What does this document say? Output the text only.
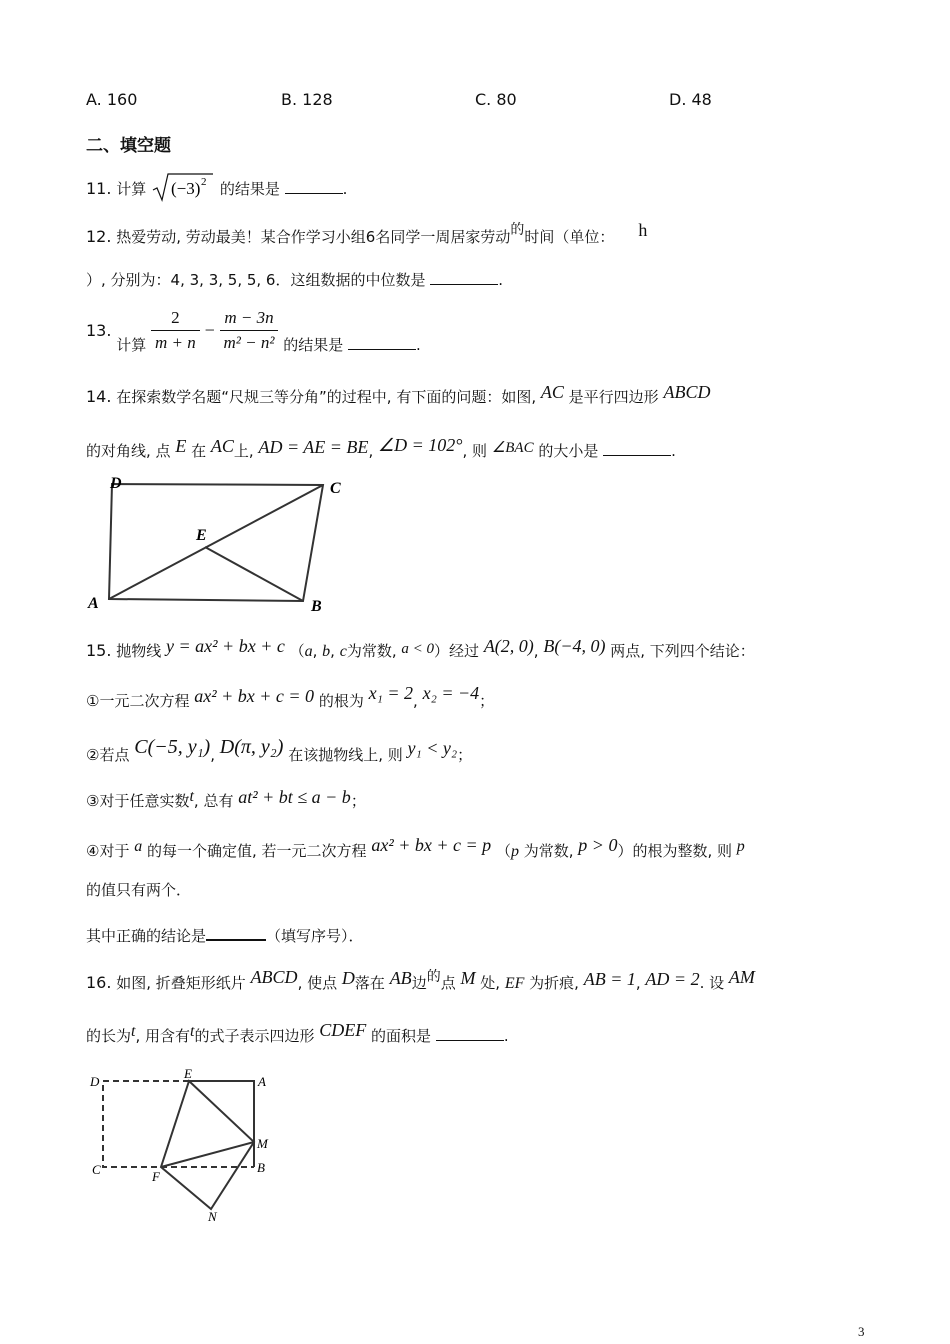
A. 160	B. 128	C. 80	D. 48
二、填空题
11. 计算 (−3) 2 的结果是	.
12. 热爱劳动, 劳动最美！某合作学习小组6名同学一周居家劳动的时间（单位： h
）, 分别为：4, 3, 3, 5, 5, 6．这组数据的中位数是	.
13. 计算 $\frac{2}{m + n} - \frac{m - 3n}{\text{m² − n²}}$ 的结果是	.
14. 在探索数学名题“尺规三等分角”的过程中, 有下面的问题：如图, AC 是平行四边形 ABCD
的对角线, 点 E 在 AC上, AD = AE = BE, ∠D = 102°, 则 ∠BAC 的大小是	.
D	C
E
A	B
15. 抛物线 y = ax² + bx + c （a, b, c为常数, a < 0）经过 A(2, 0), B(−4, 0) 两点, 下列四个结论：
①一元二次方程 ax² + bx + c = 0 的根为 x₁ = 2, x₂ = −4；
②若点 C(−5, y₁), D(π, y₂) 在该抛物线上, 则 y₁ < y₂；
③对于任意实数t, 总有 at² + bt ≤ a − b；
④对于 a 的每一个确定值, 若一元二次方程 ax² + bx + c = p （p 为常数, p > 0）的根为整数, 则 p
的值只有两个．
其中正确的结论是	（填写序号）．
16. 如图, 折叠矩形纸片 ABCD, 使点 D落在 AB边的点 M 处, EF 为折痕, AB = 1, AD = 2. 设 AM
的长为t, 用含有t的式子表示四边形 CDEF 的面积是	.
D
E
A
M
C	F
B
N
3
